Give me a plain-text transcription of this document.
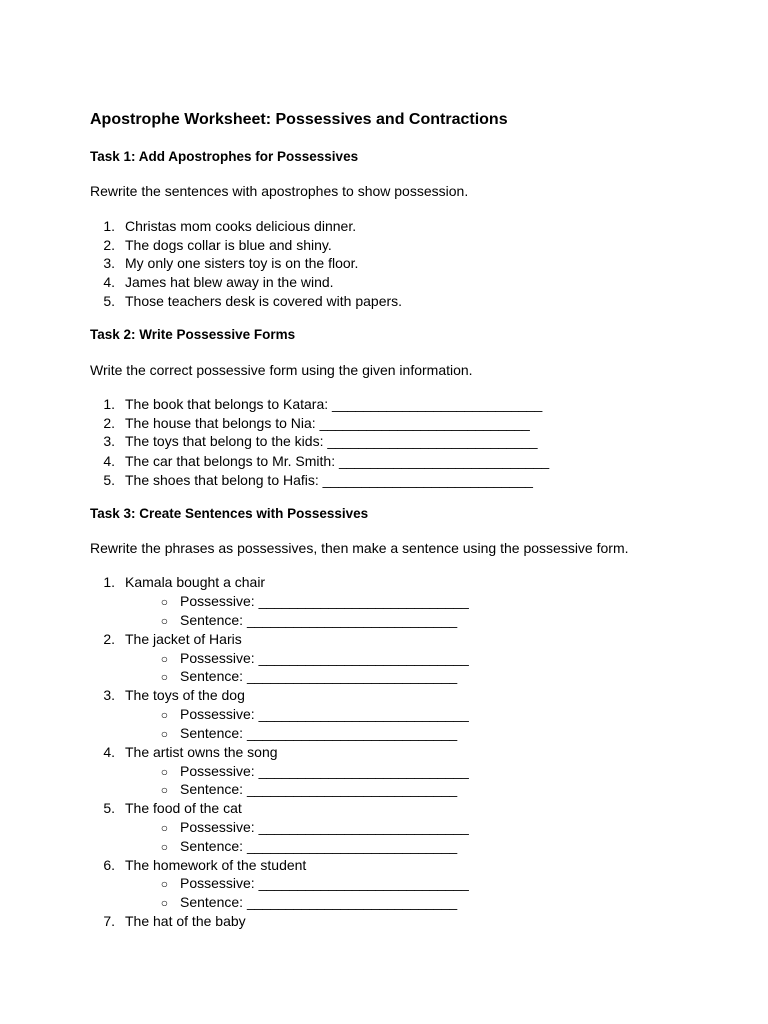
Apostrophe Worksheet: Possessives and Contractions
Task 1: Add Apostrophes for Possessives
Rewrite the sentences with apostrophes to show possession.
1. Christas mom cooks delicious dinner.
2. The dogs collar is blue and shiny.
3. My only one sisters toy is on the floor.
4. James hat blew away in the wind.
5. Those teachers desk is covered with papers.
Task 2: Write Possessive Forms
Write the correct possessive form using the given information.
1. The book that belongs to Katara: ___________________________
2. The house that belongs to Nia: ___________________________
3. The toys that belong to the kids: ___________________________
4. The car that belongs to Mr. Smith: ___________________________
5. The shoes that belong to Hafis: ___________________________
Task 3: Create Sentences with Possessives
Rewrite the phrases as possessives, then make a sentence using the possessive form.
1. Kamala bought a chair
○ Possessive: ___________________________
○ Sentence: ___________________________
2. The jacket of Haris
○ Possessive: ___________________________
○ Sentence: ___________________________
3. The toys of the dog
○ Possessive: ___________________________
○ Sentence: ___________________________
4. The artist owns the song
○ Possessive: ___________________________
○ Sentence: ___________________________
5. The food of the cat
○ Possessive: ___________________________
○ Sentence: ___________________________
6. The homework of the student
○ Possessive: ___________________________
○ Sentence: ___________________________
7. The hat of the baby
